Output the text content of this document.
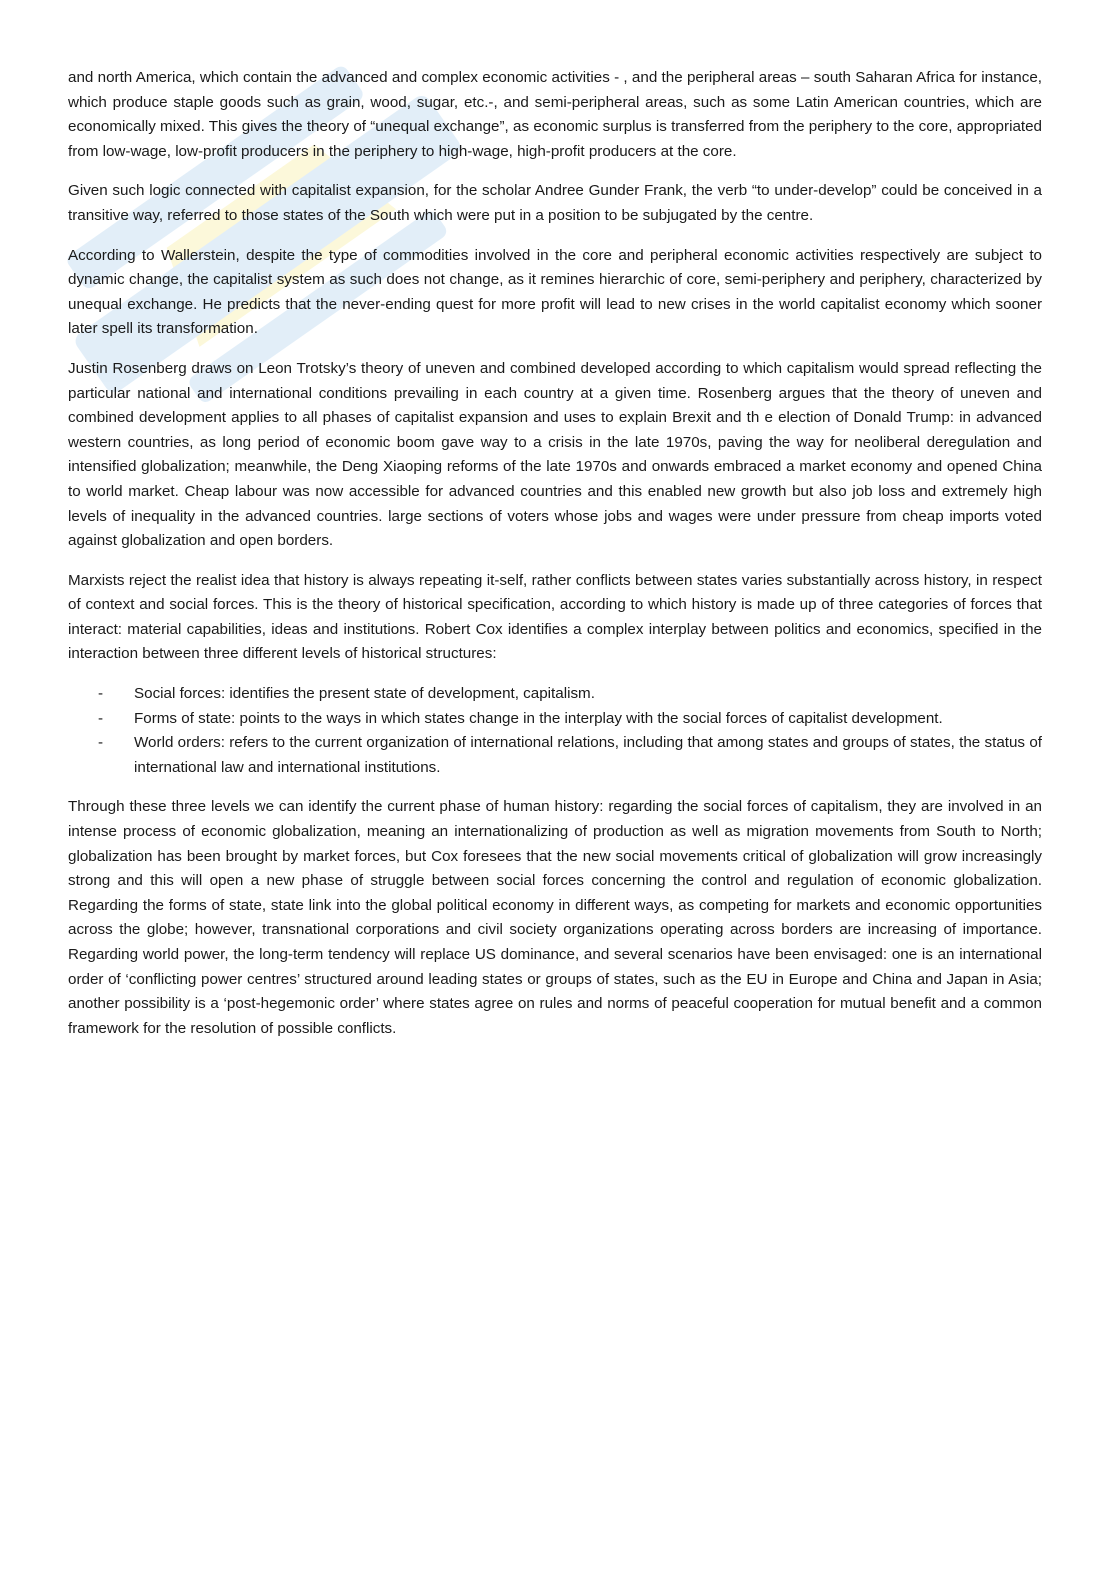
and north America, which contain the advanced and complex economic activities - , and the peripheral areas – south Saharan Africa for instance, which produce staple goods such as grain, wood, sugar, etc.-, and semi-peripheral areas, such as some Latin American countries, which are economically mixed. This gives the theory of “unequal exchange”, as economic surplus is transferred from the periphery to the core, appropriated from low-wage, low-profit producers in the periphery to high-wage, high-profit producers at the core.

Given such logic connected with capitalist expansion, for the scholar Andree Gunder Frank, the verb “to under-develop” could be conceived in a transitive way, referred to those states of the South which were put in a position to be subjugated by the centre.

According to Wallerstein, despite the type of commodities involved in the core and peripheral economic activities respectively are subject to dynamic change, the capitalist system as such does not change, as it remines hierarchic of core, semi-periphery and periphery, characterized by unequal exchange. He predicts that the never-ending quest for more profit will lead to new crises in the world capitalist economy which sooner later spell its transformation.

Justin Rosenberg draws on Leon Trotsky’s theory of uneven and combined developed according to which capitalism would spread reflecting the particular national and international conditions prevailing in each country at a given time. Rosenberg argues that the theory of uneven and combined development applies to all phases of capitalist expansion and uses to explain Brexit and th e election of Donald Trump: in advanced western countries, as long period of economic boom gave way to a crisis in the late 1970s, paving the way for neoliberal deregulation and intensified globalization; meanwhile, the Deng Xiaoping reforms of the late 1970s and onwards embraced a market economy and opened China to world market. Cheap labour was now accessible for advanced countries and this enabled new growth but also job loss and extremely high levels of inequality in the advanced countries. large sections of voters whose jobs and wages were under pressure from cheap imports voted against globalization and open borders.

Marxists reject the realist idea that history is always repeating it-self, rather conflicts between states varies substantially across history, in respect of context and social forces. This is the theory of historical specification, according to which history is made up of three categories of forces that interact: material capabilities, ideas and institutions. Robert Cox identifies a complex interplay between politics and economics, specified in the interaction between three different levels of historical structures:

- Social forces: identifies the present state of development, capitalism.
- Forms of state: points to the ways in which states change in the interplay with the social forces of capitalist development.
- World orders: refers to the current organization of international relations, including that among states and groups of states, the status of international law and international institutions.

Through these three levels we can identify the current phase of human history: regarding the social forces of capitalism, they are involved in an intense process of economic globalization, meaning an internationalizing of production as well as migration movements from South to North; globalization has been brought by market forces, but Cox foresees that the new social movements critical of globalization will grow increasingly strong and this will open a new phase of struggle between social forces concerning the control and regulation of economic globalization. Regarding the forms of state, state link into the global political economy in different ways, as competing for markets and economic opportunities across the globe; however, transnational corporations and civil society organizations operating across borders are increasing of importance. Regarding world power, the long-term tendency will replace US dominance, and several scenarios have been envisaged: one is an international order of ‘conflicting power centres’ structured around leading states or groups of states, such as the EU in Europe and China and Japan in Asia; another possibility is a ‘post-hegemonic order’ where states agree on rules and norms of peaceful cooperation for mutual benefit and a common framework for the resolution of possible conflicts.
